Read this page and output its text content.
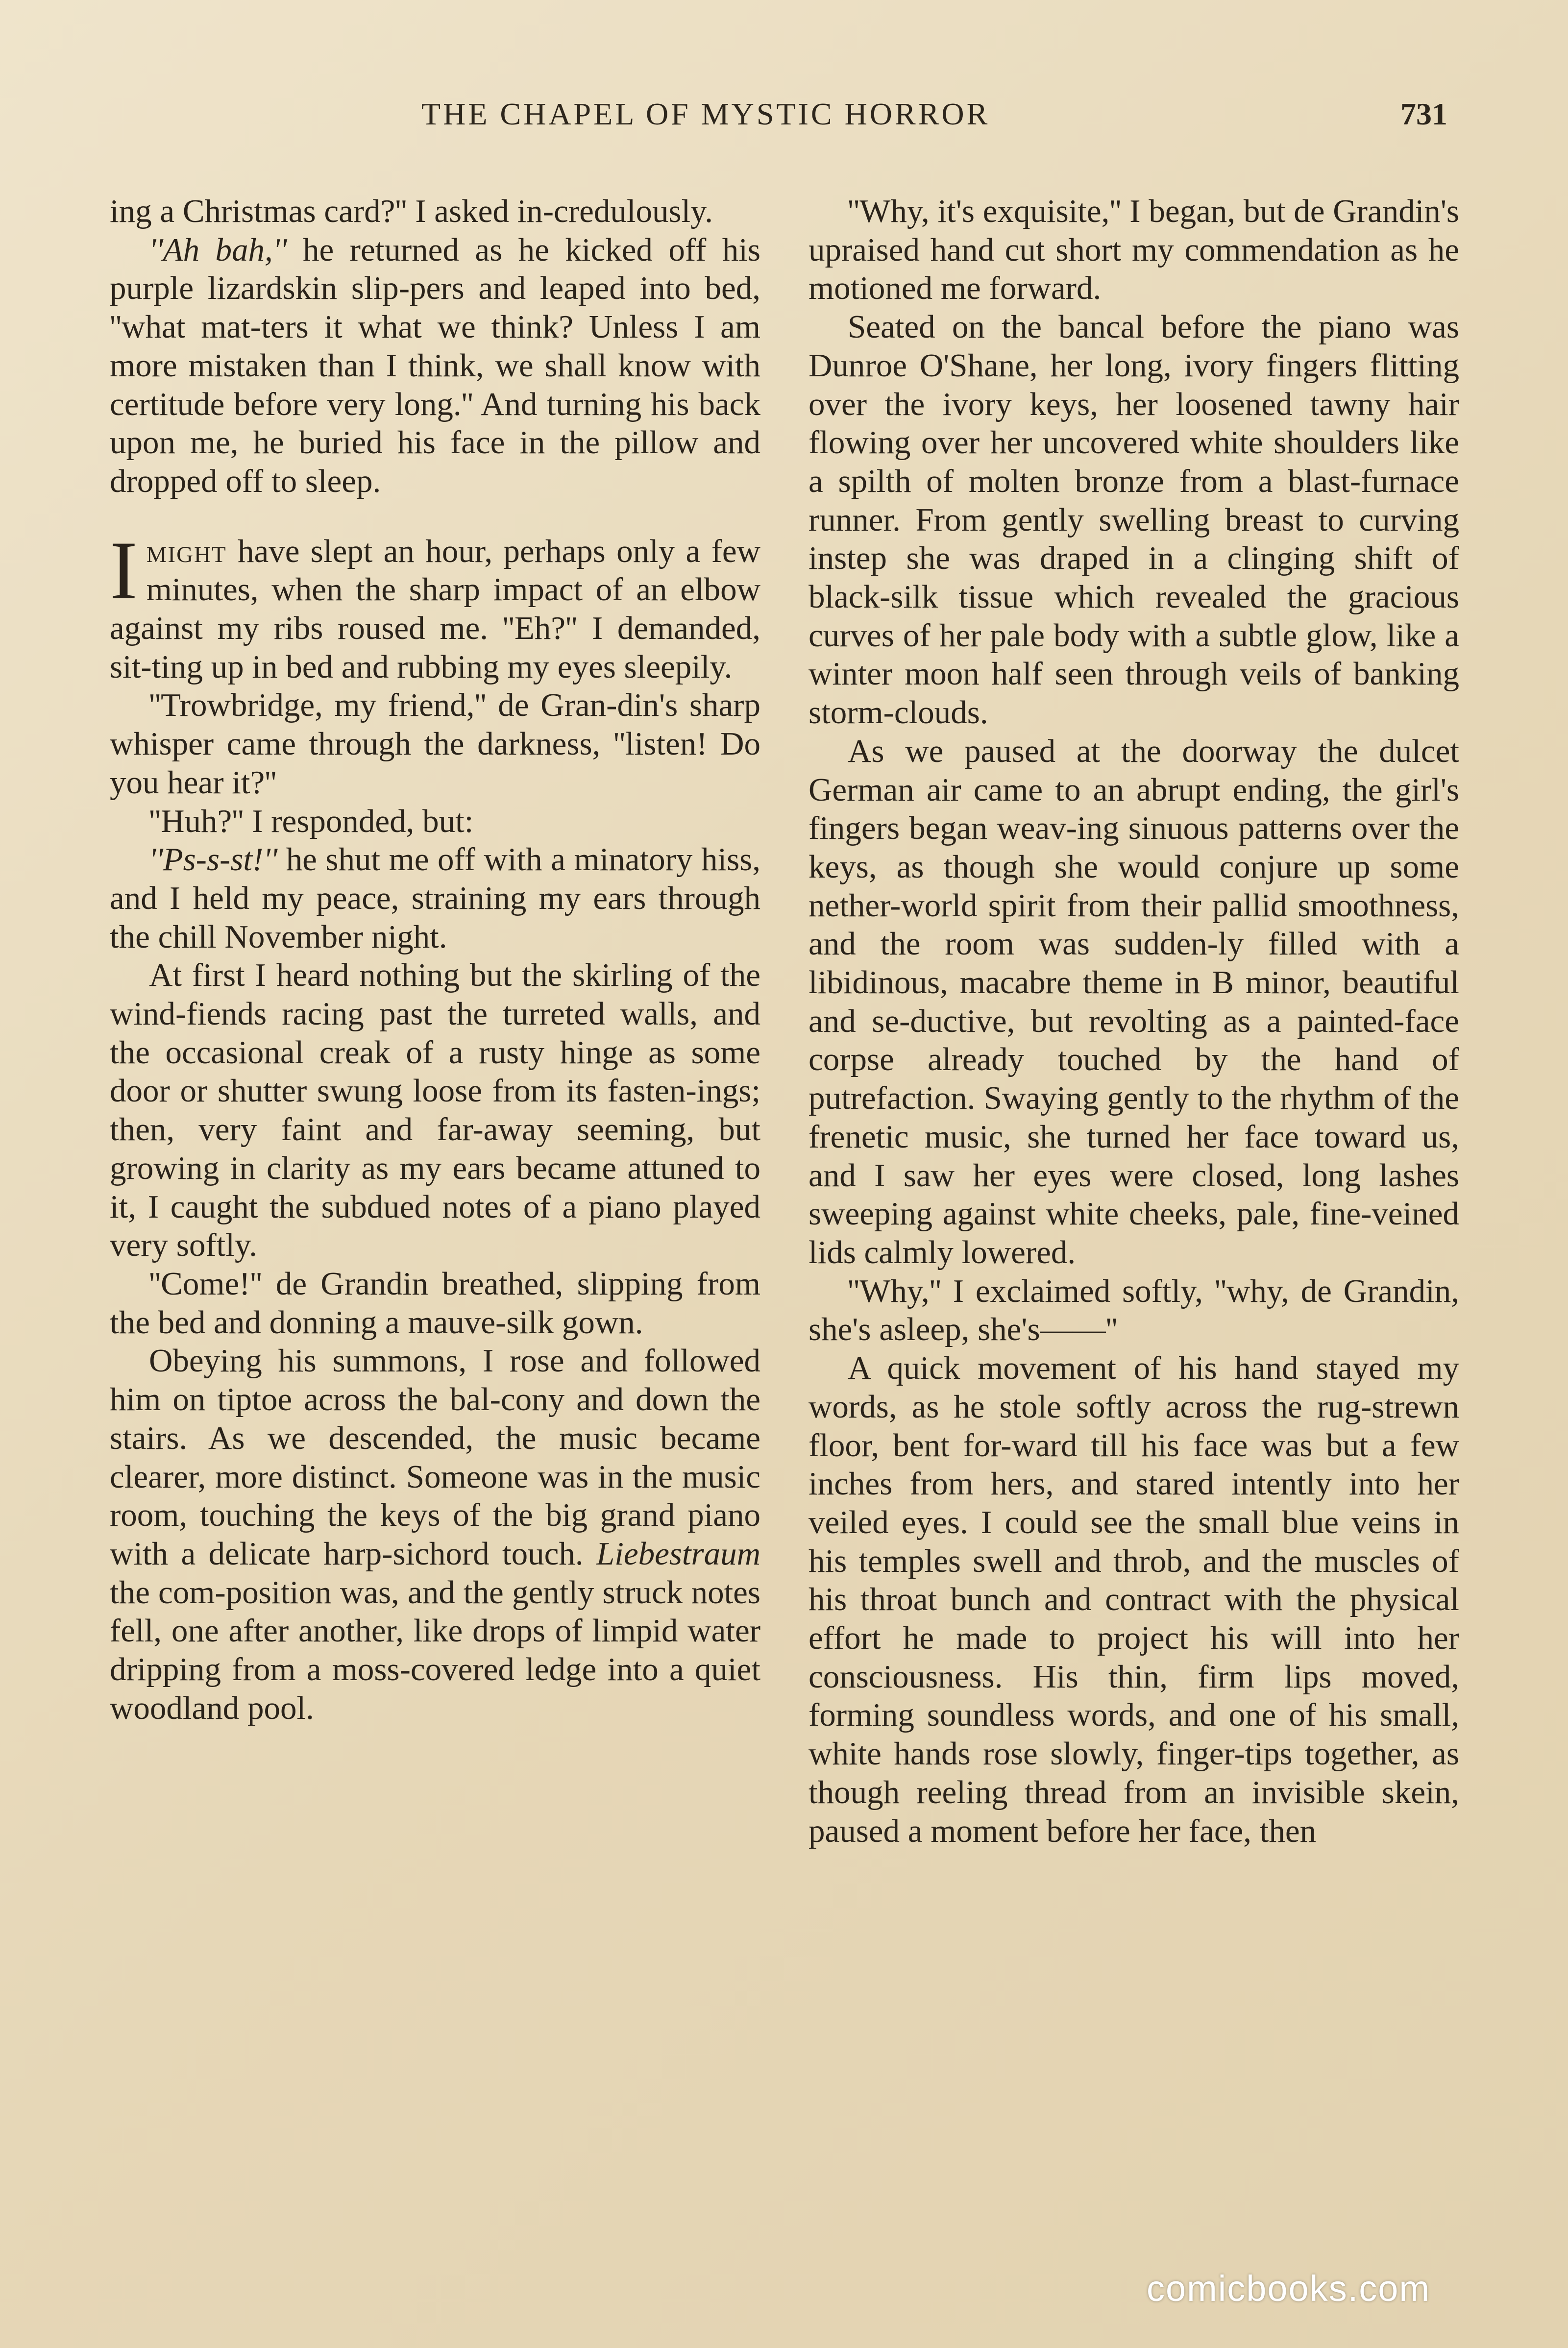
THE CHAPEL OF MYSTIC HORROR	731

ing a Christmas card?'' I asked in-credulously.

''Ah bah,'' he returned as he kicked off his purple lizardskin slip-pers and leaped into bed, ''what mat-ters it what we think? Unless I am more mistaken than I think, we shall know with certitude before very long.'' And turning his back upon me, he buried his face in the pillow and dropped off to sleep.

Imight have slept an hour, perhaps only a few minutes, when the sharp impact of an elbow against my ribs roused me. ''Eh?'' I demanded, sit-ting up in bed and rubbing my eyes sleepily.

''Trowbridge, my friend,'' de Gran-din's sharp whisper came through the darkness, ''listen! Do you hear it?''

''Huh?'' I responded, but:

''Ps-s-st!'' he shut me off with a minatory hiss, and I held my peace, straining my ears through the chill November night.

At first I heard nothing but the skirling of the wind-fiends racing past the turreted walls, and the occasional creak of a rusty hinge as some door or shutter swung loose from its fasten-ings; then, very faint and far-away seeming, but growing in clarity as my ears became attuned to it, I caught the subdued notes of a piano played very softly.

''Come!'' de Grandin breathed, slipping from the bed and donning a mauve-silk gown.

Obeying his summons, I rose and followed him on tiptoe across the bal-cony and down the stairs. As we descended, the music became clearer, more distinct. Someone was in the music room, touching the keys of the big grand piano with a delicate harp-sichord touch. Liebestraum the com-position was, and the gently struck notes fell, one after another, like drops of limpid water dripping from a moss-covered ledge into a quiet woodland pool.

''Why, it's exquisite,'' I began, but de Grandin's upraised hand cut short my commendation as he motioned me forward.

Seated on the bancal before the piano was Dunroe O'Shane, her long, ivory fingers flitting over the ivory keys, her loosened tawny hair flowing over her uncovered white shoulders like a spilth of molten bronze from a blast-furnace runner. From gently swelling breast to curving instep she was draped in a clinging shift of black-silk tissue which revealed the gracious curves of her pale body with a subtle glow, like a winter moon half seen through veils of banking storm-clouds.

As we paused at the doorway the dulcet German air came to an abrupt ending, the girl's fingers began weav-ing sinuous patterns over the keys, as though she would conjure up some nether-world spirit from their pallid smoothness, and the room was sudden-ly filled with a libidinous, macabre theme in B minor, beautiful and se-ductive, but revolting as a painted-face corpse already touched by the hand of putrefaction. Swaying gently to the rhythm of the frenetic music, she turned her face toward us, and I saw her eyes were closed, long lashes sweeping against white cheeks, pale, fine-veined lids calmly lowered.

''Why,'' I exclaimed softly, ''why, de Grandin, she's asleep, she's——''

A quick movement of his hand stayed my words, as he stole softly across the rug-strewn floor, bent for-ward till his face was but a few inches from hers, and stared intently into her veiled eyes. I could see the small blue veins in his temples swell and throb, and the muscles of his throat bunch and contract with the physical effort he made to project his will into her consciousness. His thin, firm lips moved, forming soundless words, and one of his small, white hands rose slowly, finger-tips together, as though reeling thread from an invisible skein, paused a moment before her face, then

comicbooks.com
